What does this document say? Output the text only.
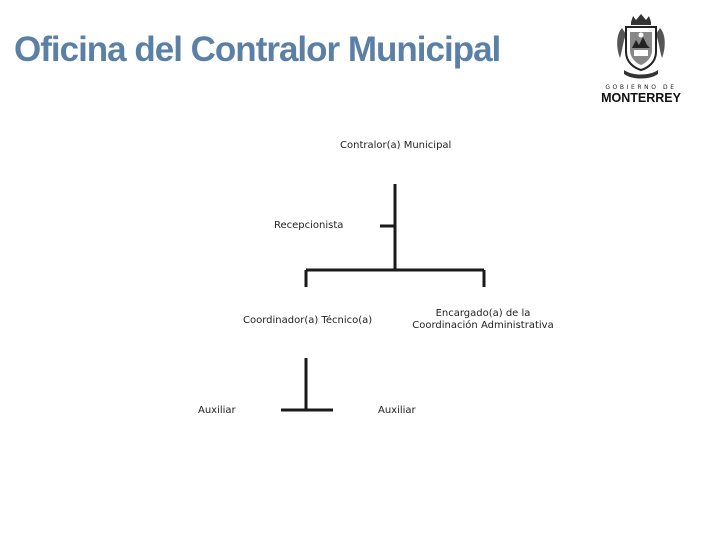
Oficina del Contralor Municipal
GOBIERNO DE
MONTERREY
Contralor(a) Municipal
Recepcionista
Coordinador(a) Técnico(a)
Encargado(a) de la
Coordinación Administrativa
Auxiliar	Auxiliar
